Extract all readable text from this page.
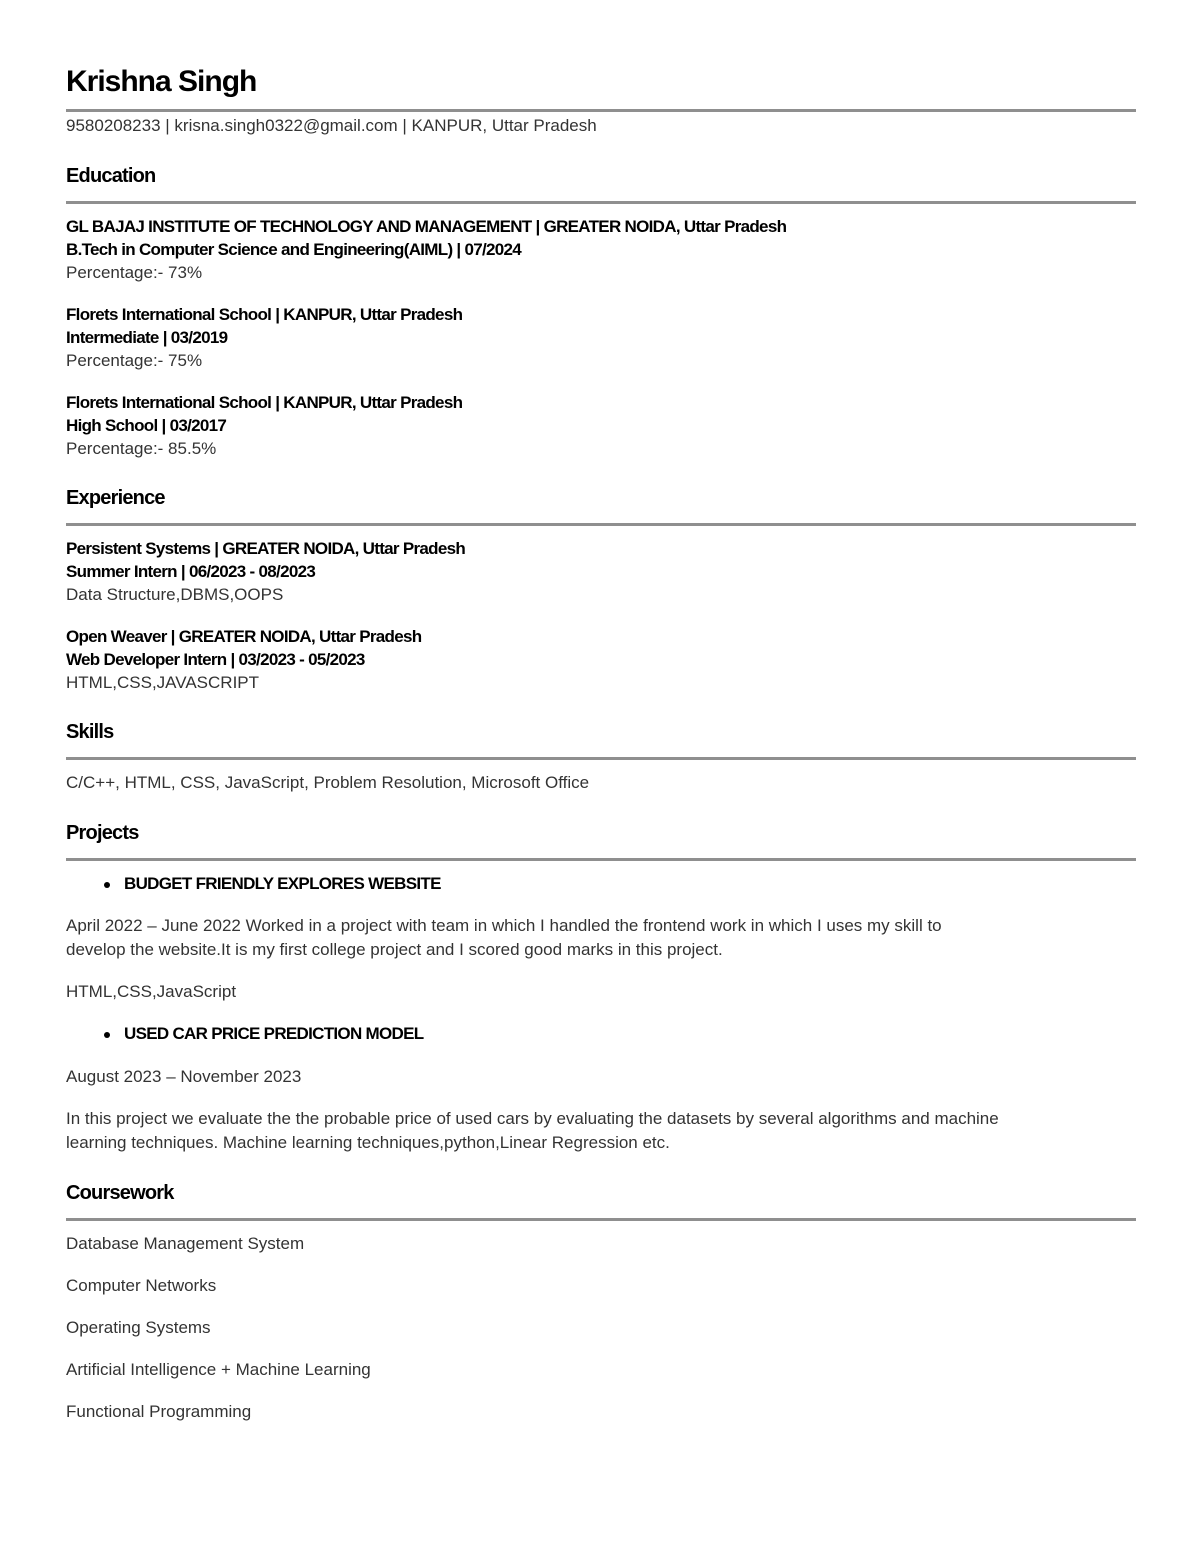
Krishna Singh

9580208233 | krisna.singh0322@gmail.com | KANPUR, Uttar Pradesh

Education

GL BAJAJ INSTITUTE OF TECHNOLOGY AND MANAGEMENT | GREATER NOIDA, Uttar Pradesh

B.Tech in Computer Science and Engineering(AIML) | 07/2024

Percentage:- 73%

Florets International School | KANPUR, Uttar Pradesh

Intermediate | 03/2019

Percentage:- 75%

Florets International School | KANPUR, Uttar Pradesh

High School | 03/2017

Percentage:- 85.5%

Experience

Persistent Systems | GREATER NOIDA, Uttar Pradesh

Summer Intern | 06/2023 - 08/2023

Data Structure,DBMS,OOPS

Open Weaver | GREATER NOIDA, Uttar Pradesh

Web Developer Intern | 03/2023 - 05/2023

HTML,CSS,JAVASCRIPT

Skills

C/C++, HTML, CSS, JavaScript, Problem Resolution, Microsoft Office

Projects
BUDGET FRIENDLY EXPLORES WEBSITE

April 2022 – June 2022 Worked in a project with team in which I handled the frontend work in which I uses my skill to

develop the website.It is my first college project and I scored good marks in this project.

HTML,CSS,JavaScript

USED CAR PRICE PREDICTION MODEL

August 2023 – November 2023

In this project we evaluate the the probable price of used cars by evaluating the datasets by several algorithms and machine

learning techniques. Machine learning techniques,python,Linear Regression etc.

Coursework

Database Management System

Computer Networks

Operating Systems

Artificial Intelligence + Machine Learning

Functional Programming
